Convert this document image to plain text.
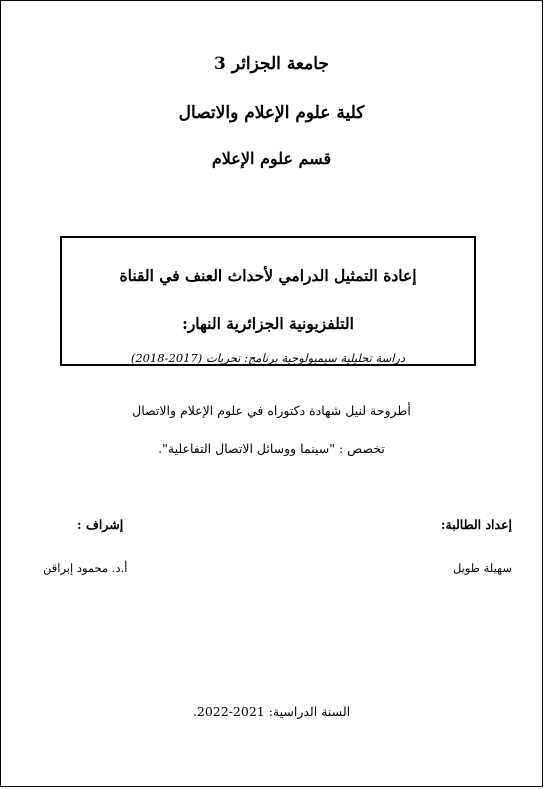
جامعة الجزائر 3
كلية علوم الإعلام والاتصال
قسم علوم الإعلام
إعادة التمثيل الدرامي لأحداث العنف في القناة
التلفزيونية الجزائرية النهار:
دراسة تحليلية سيميولوجية برنامج: تحريات (2017-2018)
أطروحة لنيل شهادة دكتوراه في علوم الإعلام والاتصال
تخصص : "سينما ووسائل الاتصال التفاعلية".
إعداد الطالبة:
إشراف :
سهيلة طويل
أ.د. محمود إبراقن
السنة الدراسية: 2021-2022.
